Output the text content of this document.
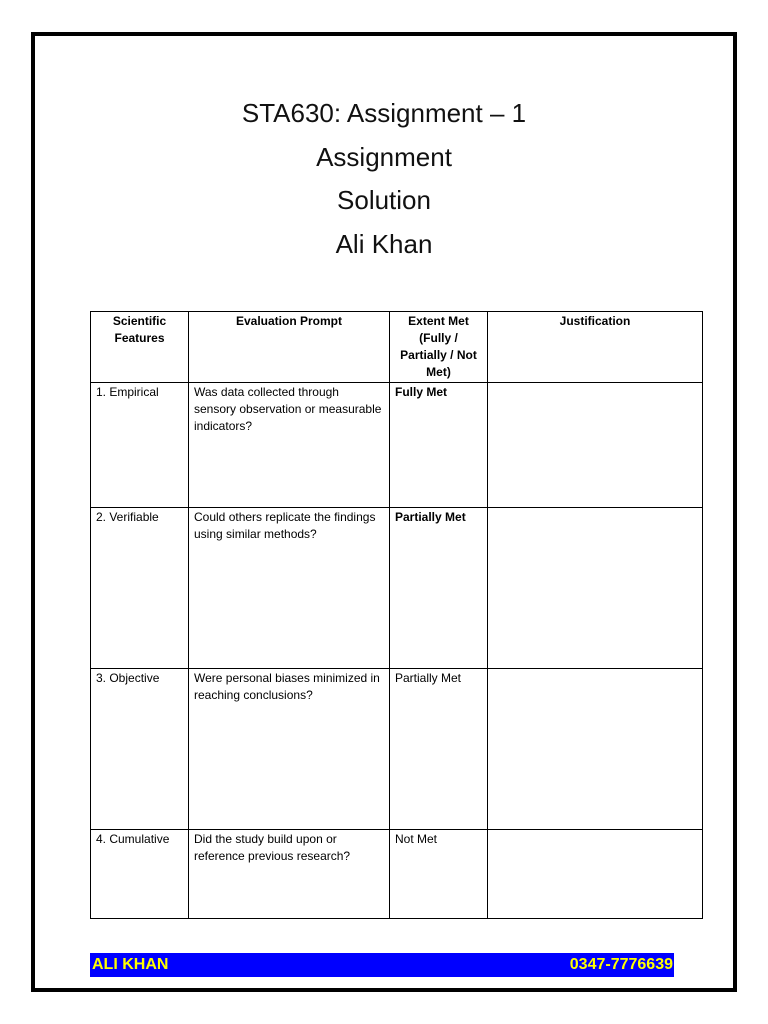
STA630: Assignment – 1
Assignment
Solution
Ali Khan
Scientific Features	Evaluation Prompt	Extent Met (Fully / Partially / Not Met)	Justification
1. Empirical	Was data collected through sensory observation or measurable indicators?	Fully Met	
2. Verifiable	Could others replicate the findings using similar methods?	Partially Met	
3. Objective	Were personal biases minimized in reaching conclusions?	Partially Met	
4. Cumulative	Did the study build upon or reference previous research?	Not Met	
ALI KHAN	0347-7776639
